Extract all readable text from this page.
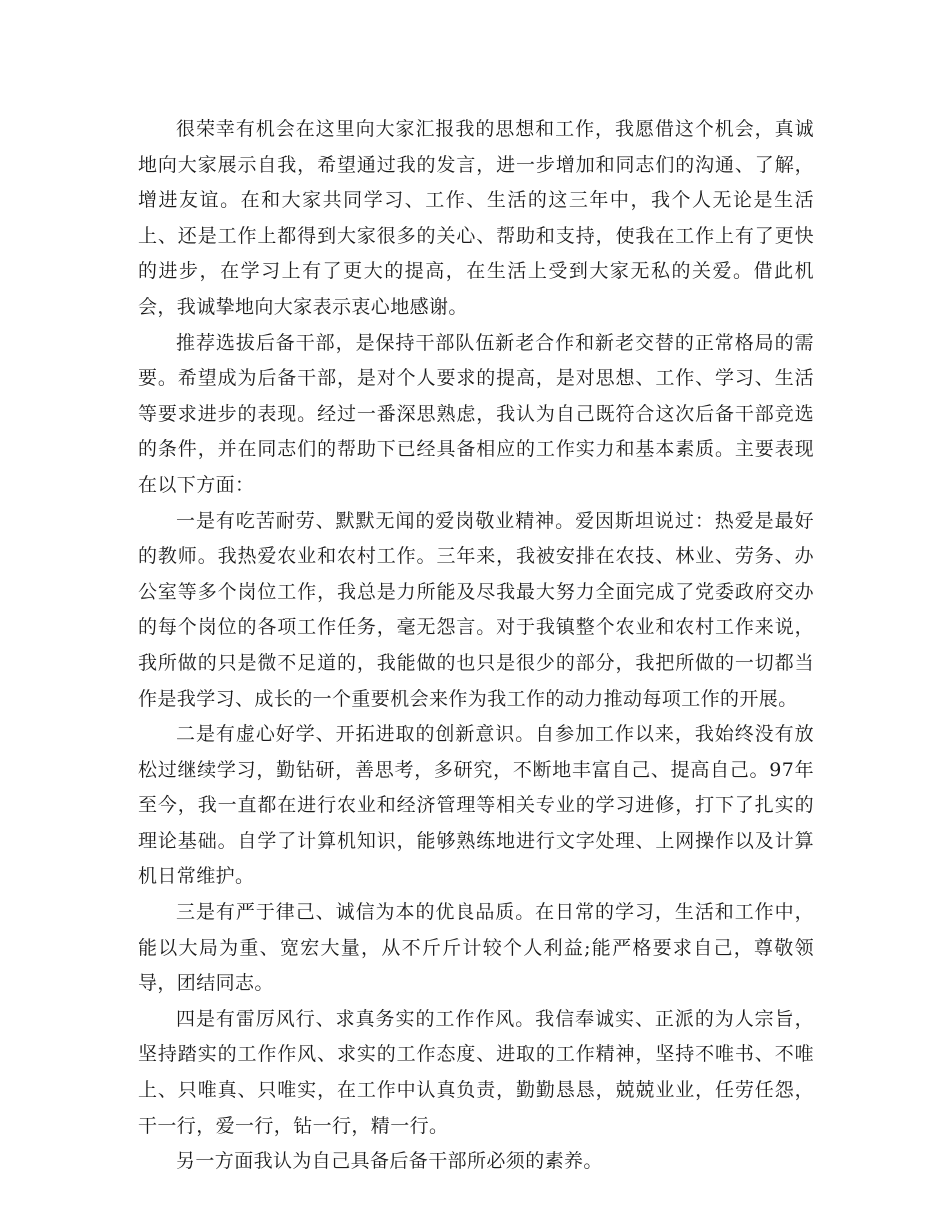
很荣幸有机会在这里向大家汇报我的思想和工作，我愿借这个机会，真诚地向大家展示自我，希望通过我的发言，进一步增加和同志们的沟通、了解，增进友谊。在和大家共同学习、工作、生活的这三年中，我个人无论是生活上、还是工作上都得到大家很多的关心、帮助和支持，使我在工作上有了更快的进步，在学习上有了更大的提高，在生活上受到大家无私的关爱。借此机会，我诚挚地向大家表示衷心地感谢。

推荐选拔后备干部，是保持干部队伍新老合作和新老交替的正常格局的需要。希望成为后备干部，是对个人要求的提高，是对思想、工作、学习、生活等要求进步的表现。经过一番深思熟虑，我认为自己既符合这次后备干部竞选的条件，并在同志们的帮助下已经具备相应的工作实力和基本素质。主要表现在以下方面：

一是有吃苦耐劳、默默无闻的爱岗敬业精神。爱因斯坦说过：热爱是最好的教师。我热爱农业和农村工作。三年来，我被安排在农技、林业、劳务、办公室等多个岗位工作，我总是力所能及尽我最大努力全面完成了党委政府交办的每个岗位的各项工作任务，毫无怨言。对于我镇整个农业和农村工作来说，我所做的只是微不足道的，我能做的也只是很少的部分，我把所做的一切都当作是我学习、成长的一个重要机会来作为我工作的动力推动每项工作的开展。

二是有虚心好学、开拓进取的创新意识。自参加工作以来，我始终没有放松过继续学习，勤钻研，善思考，多研究，不断地丰富自己、提高自己。97年至今，我一直都在进行农业和经济管理等相关专业的学习进修，打下了扎实的理论基础。自学了计算机知识，能够熟练地进行文字处理、上网操作以及计算机日常维护。

三是有严于律己、诚信为本的优良品质。在日常的学习，生活和工作中，能以大局为重、宽宏大量，从不斤斤计较个人利益;能严格要求自己，尊敬领导，团结同志。

四是有雷厉风行、求真务实的工作作风。我信奉诚实、正派的为人宗旨，坚持踏实的工作作风、求实的工作态度、进取的工作精神，坚持不唯书、不唯上、只唯真、只唯实，在工作中认真负责，勤勤恳恳，兢兢业业，任劳任怨，干一行，爱一行，钻一行，精一行。

另一方面我认为自己具备后备干部所必须的素养。
